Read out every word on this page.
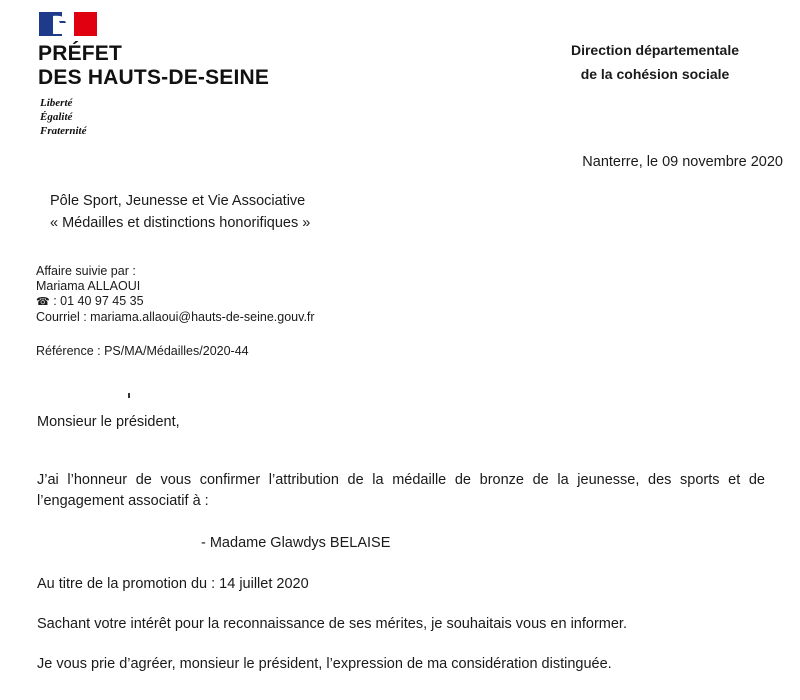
PRÉFET
DES HAUTS-DE-SEINE
Liberté
Égalité
Fraternité
Direction départementale
de la cohésion sociale
Nanterre, le 09 novembre 2020
Pôle Sport, Jeunesse et Vie Associative
« Médailles et distinctions honorifiques »
Affaire suivie par :
Mariama ALLAOUI
☎ : 01 40 97 45 35
Courriel : mariama.allaoui@hauts-de-seine.gouv.fr
Référence : PS/MA/Médailles/2020-44
Monsieur le président,
J’ai l’honneur de vous confirmer l’attribution de la médaille de bronze de la jeunesse, des sports et de l’engagement associatif à :
- Madame Glawdys BELAISE
Au titre de la promotion du : 14 juillet 2020
Sachant votre intérêt pour la reconnaissance de ses mérites, je souhaitais vous en informer.
Je vous prie d’agréer, monsieur le président, l’expression de ma considération distinguée.
